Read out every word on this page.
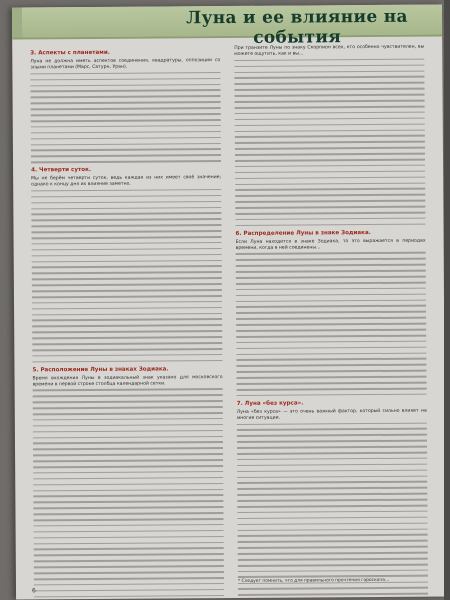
Луна и ее влияние на события
3. Аспекты с планетами.
Луна не должна иметь аспектов соединения, квадратуры, оппозиции со злыми планетами (Марс, Сатурн, Уран).
4. Четверти суток.
Мы не берём четверти суток, ведь каждая из них имеет своё значение; однако к концу дня их влияние заметно.
5. Расположение Луны в знаках Зодиака.
Время вхождения Луны в зодиакальный знак указано для московского времени в первой строке столбца календарной сетки.
При транзите Луны по знаку Скорпион всех, кто особенно чувствителен, вы можете ощутить, как и вы…
6. Распределение Луны в знаке Зодиака.
Если Луна находится в знаке Зодиака, то это выражается в периодах времени, когда в ней соединены…
7. Луна «без курса».
Луна «без курса» — это очень важный фактор, который сильно влияет на многие ситуации.
* Следует помнить, что для правильного прочтения гороскопа…
6
